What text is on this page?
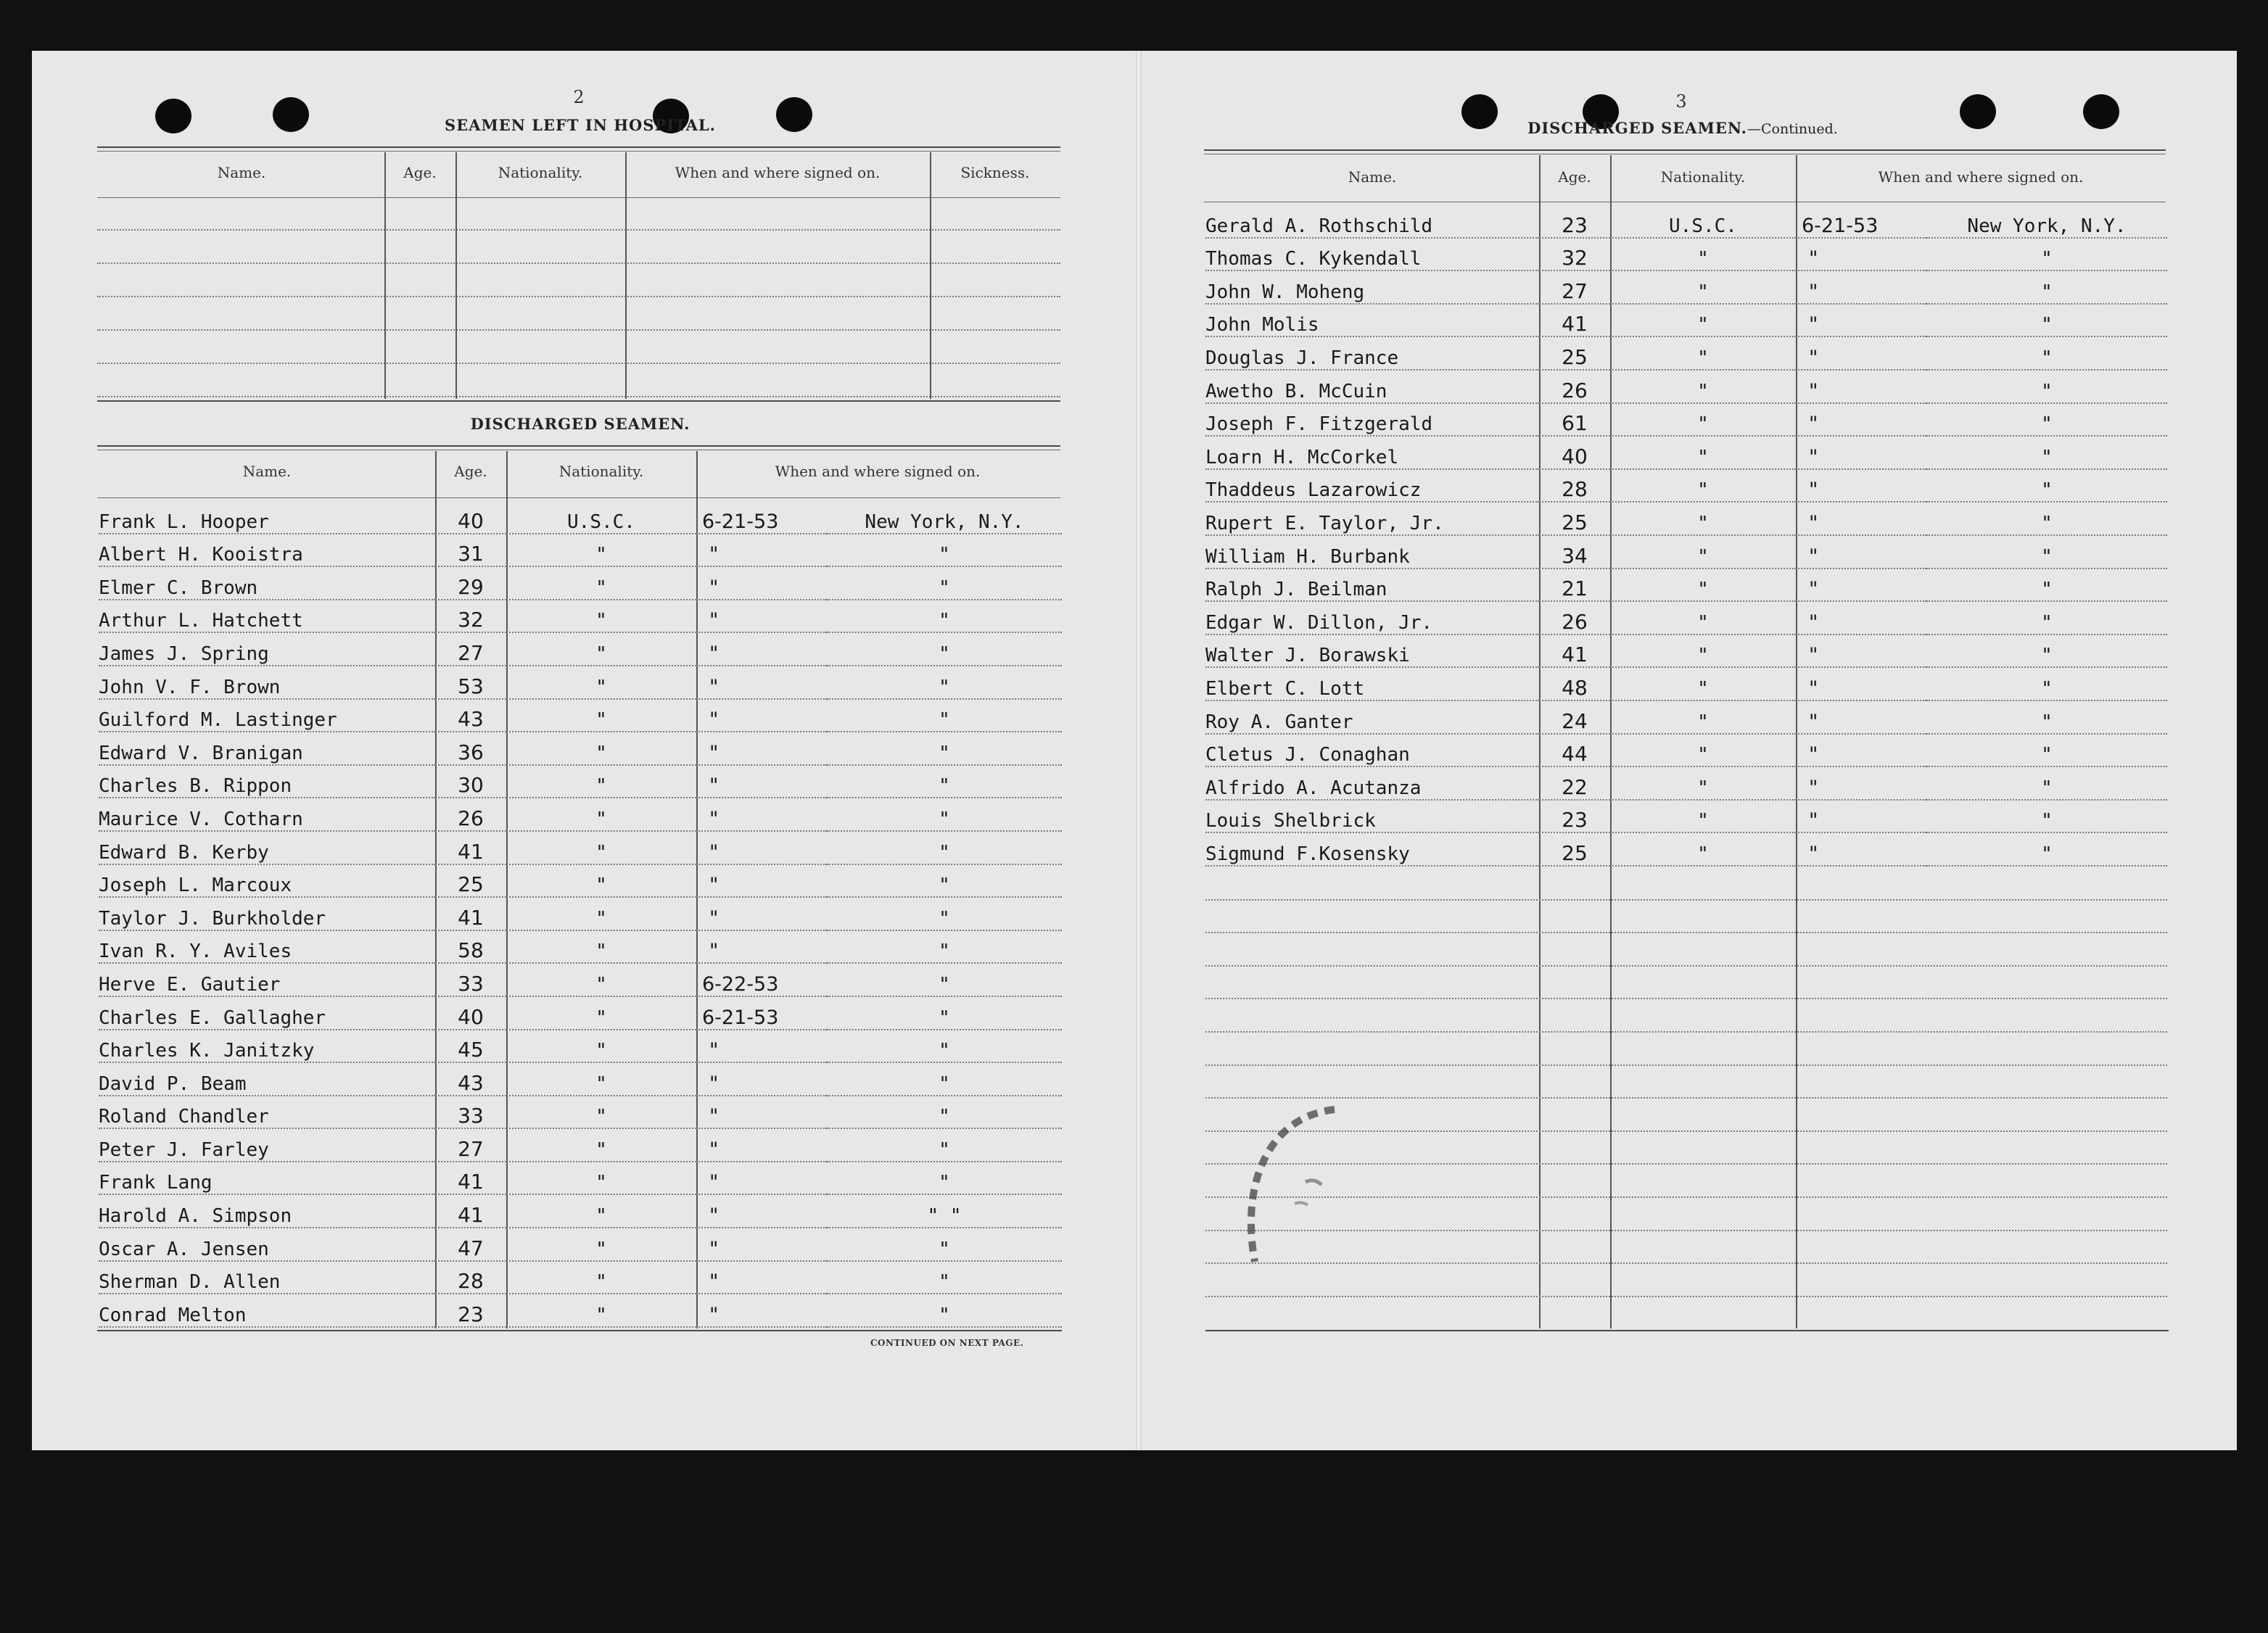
2
SEAMEN LEFT IN HOSPITAL.
Name.	Age.	Nationality.	When and where signed on.	Sickness.
DISCHARGED SEAMEN.
Name.	Age.	Nationality.	When and where signed on.
Frank L. Hooper	40	U.S.C.	6-21-53	New York, N.Y.
Albert H. Kooistra	31	"	"	"
Elmer C. Brown	29	"	"	"
Arthur L. Hatchett	32	"	"	"
James J. Spring	27	"	"	"
John V. F. Brown	53	"	"	"
Guilford M. Lastinger	43	"	"	"
Edward V. Branigan	36	"	"	"
Charles B. Rippon	30	"	"	"
Maurice V. Cotharn	26	"	"	"
Edward B. Kerby	41	"	"	"
Joseph L. Marcoux	25	"	"	"
Taylor J. Burkholder	41	"	"	"
Ivan R. Y. Aviles	58	"	"	"
Herve E. Gautier	33	"	6-22-53	"
Charles E. Gallagher	40	"	6-21-53	"
Charles K. Janitzky	45	"	"	"
David P. Beam	43	"	"	"
Roland Chandler	33	"	"	"
Peter J. Farley	27	"	"	"
Frank Lang	41	"	"	"
Harold A. Simpson	41	"	"	" "
Oscar A. Jensen	47	"	"	"
Sherman D. Allen	28	"	"	"
Conrad Melton	23	"	"	"
CONTINUED ON NEXT PAGE.
3
DISCHARGED SEAMEN.—Continued.
Name.	Age.	Nationality.	When and where signed on.
Gerald A. Rothschild	23	U.S.C.	6-21-53	New York, N.Y.
Thomas C. Kykendall	32	"	"	"
John W. Moheng	27	"	"	"
John Molis	41	"	"	"
Douglas J. France	25	"	"	"
Awetho B. McCuin	26	"	"	"
Joseph F. Fitzgerald	61	"	"	"
Loarn H. McCorkel	40	"	"	"
Thaddeus Lazarowicz	28	"	"	"
Rupert E. Taylor, Jr.	25	"	"	"
William H. Burbank	34	"	"	"
Ralph J. Beilman	21	"	"	"
Edgar W. Dillon, Jr.	26	"	"	"
Walter J. Borawski	41	"	"	"
Elbert C. Lott	48	"	"	"
Roy A. Ganter	24	"	"	"
Cletus J. Conaghan	44	"	"	"
Alfrido A. Acutanza	22	"	"	"
Louis Shelbrick	23	"	"	"
Sigmund F.Kosensky	25	"	"	"
